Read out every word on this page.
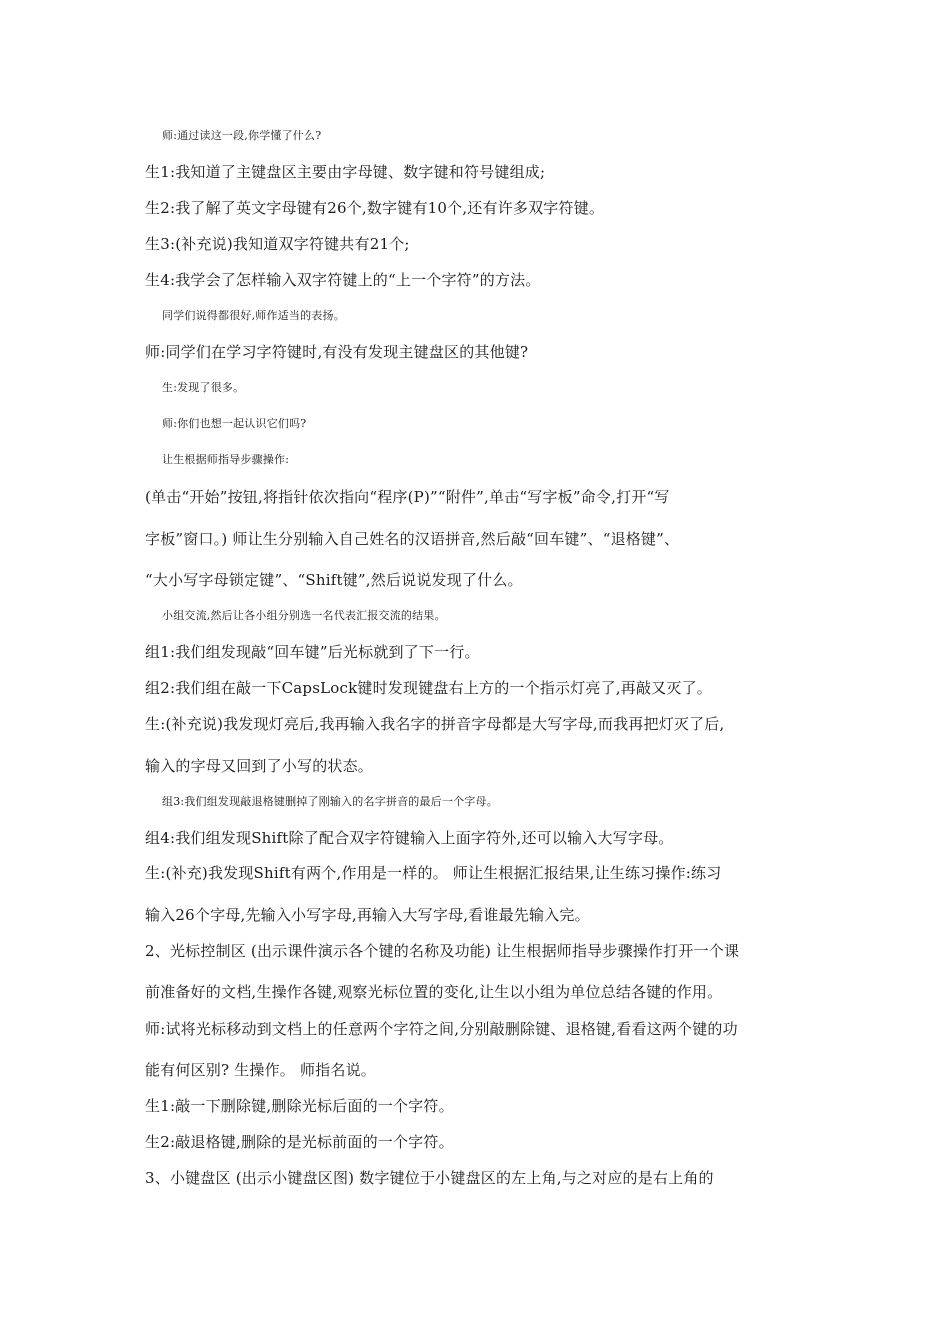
师:通过读这一段,你学懂了什么?
生1:我知道了主键盘区主要由字母键、数字键和符号键组成;
生2:我了解了英文字母键有26个,数字键有10个,还有许多双字符键。
生3:(补充说)我知道双字符键共有21个;
生4:我学会了怎样输入双字符键上的“上一个字符”的方法。
同学们说得都很好,师作适当的表扬。
师:同学们在学习字符键时,有没有发现主键盘区的其他键?
生:发现了很多。
师:你们也想一起认识它们吗?
让生根据师指导步骤操作:
(单击“开始”按钮,将指针依次指向“程序(P)”“附件”,单击“写字板”命令,打开“写
字板”窗口。) 师让生分别输入自己姓名的汉语拼音,然后敲“回车键”、“退格键”、
“大小写字母锁定键”、“Shift键”,然后说说发现了什么。
小组交流,然后让各小组分别选一名代表汇报交流的结果。
组1:我们组发现敲“回车键”后光标就到了下一行。
组2:我们组在敲一下CapsLock键时发现键盘右上方的一个指示灯亮了,再敲又灭了。
生:(补充说)我发现灯亮后,我再输入我名字的拼音字母都是大写字母,而我再把灯灭了后,
输入的字母又回到了小写的状态。
组3:我们组发现敲退格键删掉了刚输入的名字拼音的最后一个字母。
组4:我们组发现Shift除了配合双字符键输入上面字符外,还可以输入大写字母。
生:(补充)我发现Shift有两个,作用是一样的。 师让生根据汇报结果,让生练习操作:练习
输入26个字母,先输入小写字母,再输入大写字母,看谁最先输入完。
2、光标控制区 (出示课件演示各个键的名称及功能) 让生根据师指导步骤操作打开一个课
前准备好的文档,生操作各键,观察光标位置的变化,让生以小组为单位总结各键的作用。
师:试将光标移动到文档上的任意两个字符之间,分别敲删除键、退格键,看看这两个键的功
能有何区别? 生操作。 师指名说。
生1:敲一下删除键,删除光标后面的一个字符。
生2:敲退格键,删除的是光标前面的一个字符。
3、小键盘区 (出示小键盘区图) 数字键位于小键盘区的左上角,与之对应的是右上角的
